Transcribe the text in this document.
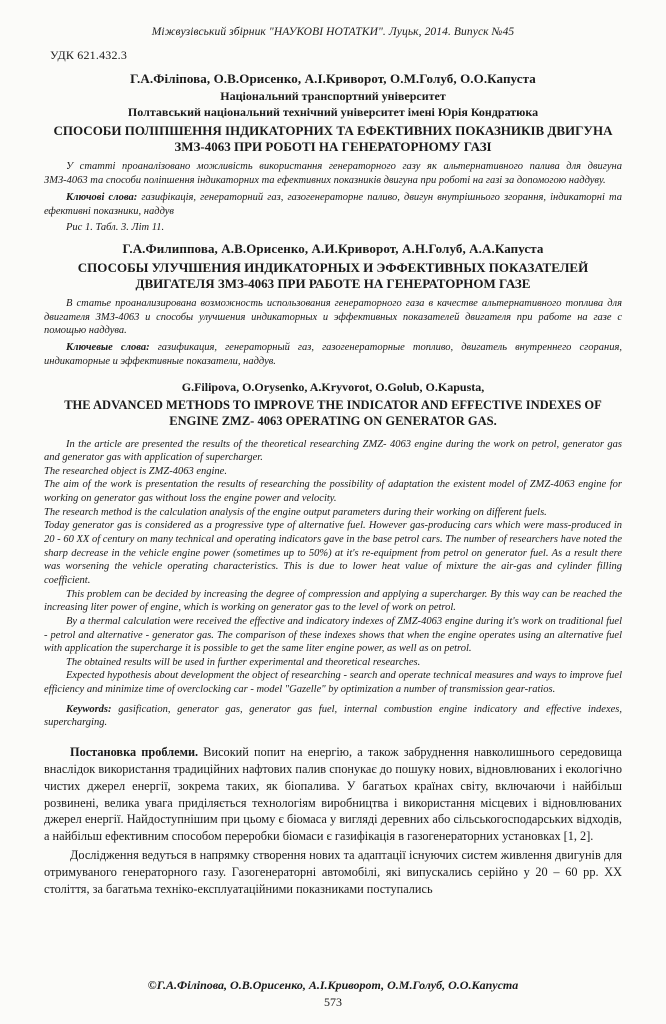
Міжвузівський збірник "НАУКОВІ НОТАТКИ". Луцьк, 2014. Випуск №45
УДК 621.432.3
Г.А.Філіпова, О.В.Орисенко, А.І.Криворот, О.М.Голуб, О.О.Капуста
Національний транспортний університет
Полтавський національний технічний університет імені Юрія Кондратюка
СПОСОБИ ПОЛІПШЕННЯ ІНДИКАТОРНИХ ТА ЕФЕКТИВНИХ ПОКАЗНИКІВ ДВИГУНА ЗМЗ-4063 ПРИ РОБОТІ НА ГЕНЕРАТОРНОМУ ГАЗІ
У статті проаналізовано можливість використання генераторного газу як альтернативного палива для двигуна ЗМЗ-4063 та способи поліпшення індикаторних та ефективних показників двигуна при роботі на газі за допомогою наддуву.
Ключові слова: газифікація, генераторний газ, газогенераторне паливо, двигун внутрішнього згорання, індикаторні та ефективні показники, наддув
Рис 1. Табл. 3. Літ 11.
Г.А.Филиппова, А.В.Орисенко, А.И.Криворот, А.Н.Голуб, А.А.Капуста
СПОСОБЫ УЛУЧШЕНИЯ ИНДИКАТОРНЫХ И ЭФФЕКТИВНЫХ ПОКАЗАТЕЛЕЙ ДВИГАТЕЛЯ ЗМЗ-4063 ПРИ РАБОТЕ НА ГЕНЕРАТОРНОМ ГАЗЕ
В статье проанализирована возможность использования генераторного газа в качестве альтернативного топлива для двигателя ЗМЗ-4063 и способы улучшения индикаторных и эффективных показателей двигателя при работе на газе с помощью наддува.
Ключевые слова: газификация, генераторный газ, газогенераторные топливо, двигатель внутреннего сгорания, индикаторные и эффективные показатели, наддув.
G.Filipova, O.Orysenko, A.Kryvorot, O.Golub, O.Kapusta,
THE ADVANCED METHODS TO IMPROVE THE INDICATOR AND EFFECTIVE INDEXES OF ENGINE ZMZ- 4063 OPERATING ON GENERATOR GAS.
In the article are presented the results of the theoretical researching ZMZ- 4063 engine during the work on petrol, generator gas and generator gas with application of supercharger.
The researched object is ZMZ-4063 engine.
The aim of the work is presentation the results of researching the possibility of adaptation the existent model of ZMZ-4063 engine for working on generator gas without loss the engine power and velocity.
The research method is the calculation analysis of the engine output parameters during their working on different fuels.
Today generator gas is considered as a progressive type of alternative fuel. However gas-producing cars which were mass-produced in 20 - 60 XX of century on many technical and operating indicators gave in the base petrol cars. The number of researchers have noted the sharp decrease in the vehicle engine power (sometimes up to 50%) at it's re-equipment from petrol on generator fuel. As a result there was worsening the vehicle operating characteristics. This is due to lower heat value of mixture the air-gas and cylinder filling coefficient.
This problem can be decided by increasing the degree of compression and applying a supercharger. By this way can be reached the increasing liter power of engine, which is working on generator gas to the level of work on petrol.
By a thermal calculation were received the effective and indicatory indexes of ZMZ-4063 engine during it's work on traditional fuel - petrol and alternative - generator gas. The comparison of these indexes shows that when the engine operates using an alternative fuel with application the supercharge it is possible to get the same liter engine power, as well as on petrol.
The obtained results will be used in further experimental and theoretical researches.
Expected hypothesis about development the object of researching - search and operate technical measures and ways to improve fuel efficiency and minimize time of overclocking car - model "Gazelle" by optimization a number of transmission gear-ratios.
Keywords: gasification, generator gas, generator gas fuel, internal combustion engine indicatory and effective indexes, supercharging.
Постановка проблеми. Високий попит на енергію, а також забруднення навколишнього середовища внаслідок використання традиційних нафтових палив спонукає до пошуку нових, відновлюваних і екологічно чистих джерел енергії, зокрема таких, як біопалива. У багатьох країнах світу, включаючи і найбільш розвинені, велика увага приділяється технологіям виробництва і використання місцевих і відновлюваних джерел енергії. Найдоступнішим при цьому є біомаса у вигляді деревних або сільськогосподарських відходів, а найбільш ефективним способом переробки біомаси є газифікація в газогенераторних установках [1, 2].
Дослідження ведуться в напрямку створення нових та адаптації існуючих систем живлення двигунів для отримуваного генераторного газу. Газогенераторні автомобілі, які випускались серійно у 20 – 60 рр. XX століття, за багатьма техніко-експлуатаційними показниками поступались
©Г.А.Філіпова, О.В.Орисенко, А.І.Криворот, О.М.Голуб, О.О.Капуста
573
